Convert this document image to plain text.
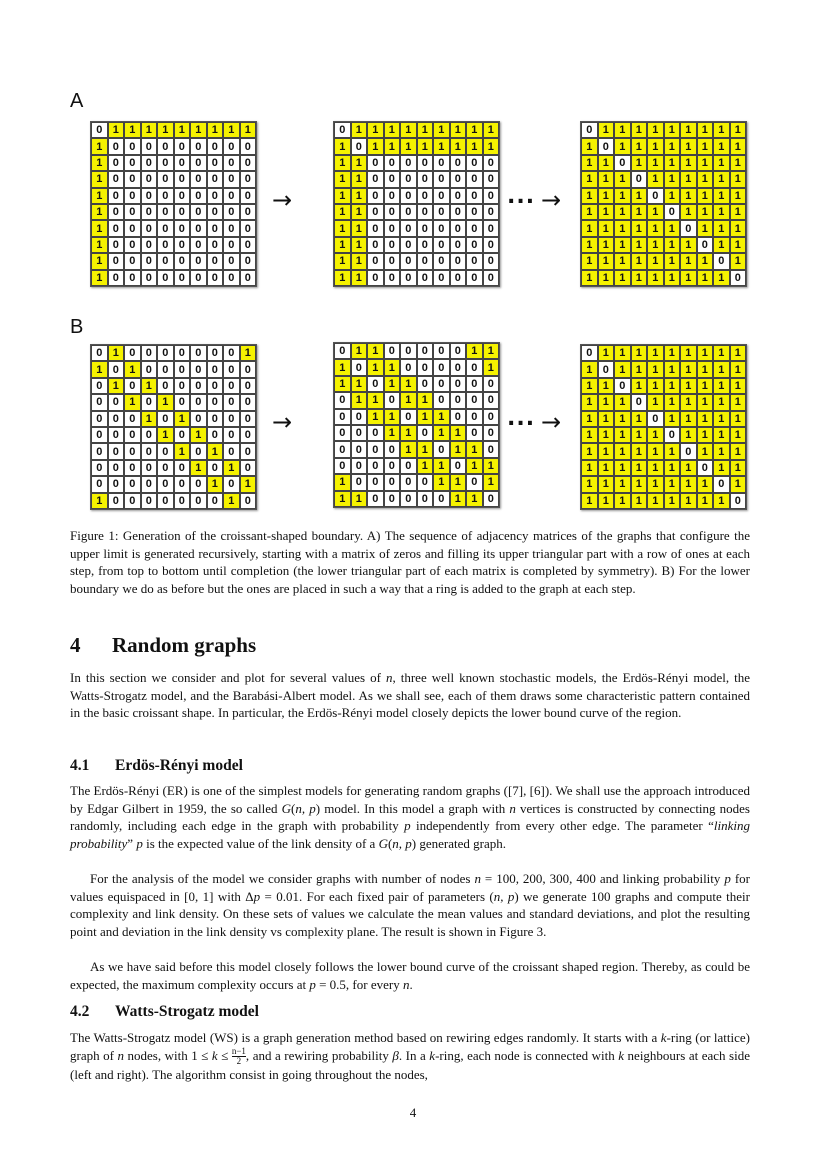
A
B
0 1 1 1 1 1 1 1 1 1
1 0 0 0 0 0 0 0 0 0
1 0 0 0 0 0 0 0 0 0
1 0 0 0 0 0 0 0 0 0
1 0 0 0 0 0 0 0 0 0
1 0 0 0 0 0 0 0 0 0
1 0 0 0 0 0 0 0 0 0
1 0 0 0 0 0 0 0 0 0
1 0 0 0 0 0 0 0 0 0
1 0 0 0 0 0 0 0 0 0
0 1 1 1 1 1 1 1 1 1
1 0 1 1 1 1 1 1 1 1
1 1 0 0 0 0 0 0 0 0
1 1 0 0 0 0 0 0 0 0
1 1 0 0 0 0 0 0 0 0
1 1 0 0 0 0 0 0 0 0
1 1 0 0 0 0 0 0 0 0
1 1 0 0 0 0 0 0 0 0
1 1 0 0 0 0 0 0 0 0
1 1 0 0 0 0 0 0 0 0
0 1 1 1 1 1 1 1 1 1
1 0 1 1 1 1 1 1 1 1
1 1 0 1 1 1 1 1 1 1
1 1 1 0 1 1 1 1 1 1
1 1 1 1 0 1 1 1 1 1
1 1 1 1 1 0 1 1 1 1
1 1 1 1 1 1 0 1 1 1
1 1 1 1 1 1 1 0 1 1
1 1 1 1 1 1 1 1 0 1
1 1 1 1 1 1 1 1 1 0
0 1 0 0 0 0 0 0 0 1
1 0 1 0 0 0 0 0 0 0
0 1 0 1 0 0 0 0 0 0
0 0 1 0 1 0 0 0 0 0
0 0 0 1 0 1 0 0 0 0
0 0 0 0 1 0 1 0 0 0
0 0 0 0 0 1 0 1 0 0
0 0 0 0 0 0 1 0 1 0
0 0 0 0 0 0 0 1 0 1
1 0 0 0 0 0 0 0 1 0
0 1 1 0 0 0 0 0 1 1
1 0 1 1 0 0 0 0 0 1
1 1 0 1 1 0 0 0 0 0
0 1 1 0 1 1 0 0 0 0
0 0 1 1 0 1 1 0 0 0
0 0 0 1 1 0 1 1 0 0
0 0 0 0 1 1 0 1 1 0
0 0 0 0 0 1 1 0 1 1
1 0 0 0 0 0 1 1 0 1
1 1 0 0 0 0 0 1 1 0
0 1 1 1 1 1 1 1 1 1
1 0 1 1 1 1 1 1 1 1
1 1 0 1 1 1 1 1 1 1
1 1 1 0 1 1 1 1 1 1
1 1 1 1 0 1 1 1 1 1
1 1 1 1 1 0 1 1 1 1
1 1 1 1 1 1 0 1 1 1
1 1 1 1 1 1 1 0 1 1
1 1 1 1 1 1 1 1 0 1
1 1 1 1 1 1 1 1 1 0
→	... →
→	... →
Figure 1: Generation of the croissant-shaped boundary. A) The sequence of adjacency matrices of the graphs that configure the upper limit is generated recursively, starting with a matrix of zeros and filling its upper triangular part with a row of ones at each step, from top to bottom until completion (the lower triangular part of each matrix is completed by symmetry). B) For the lower boundary we do as before but the ones are placed in such a way that a ring is added to the graph at each step.
4 Random graphs
In this section we consider and plot for several values of n, three well known stochastic models, the Erdös-Rényi model, the Watts-Strogatz model, and the Barabási-Albert model. As we shall see, each of them draws some characteristic pattern contained in the basic croissant shape. In particular, the Erdös-Rényi model closely depicts the lower bound curve of the region.
4.1 Erdös-Rényi model
The Erdös-Rényi (ER) is one of the simplest models for generating random graphs ([7], [6]). We shall use the approach introduced by Edgar Gilbert in 1959, the so called G(n, p) model. In this model a graph with n vertices is constructed by connecting nodes randomly, including each edge in the graph with probability p independently from every other edge. The parameter “linking probability” p is the expected value of the link density of a G(n, p) generated graph.
For the analysis of the model we consider graphs with number of nodes n = 100, 200, 300, 400 and linking probability p for values equispaced in [0, 1] with Δp = 0.01. For each fixed pair of parameters (n, p) we generate 100 graphs and compute their complexity and link density. On these sets of values we calculate the mean values and standard deviations, and plot the resulting point and deviation in the link density vs complexity plane. The result is shown in Figure 3.
As we have said before this model closely follows the lower bound curve of the croissant shaped region. Thereby, as could be expected, the maximum complexity occurs at p = 0.5, for every n.
4.2 Watts-Strogatz model
The Watts-Strogatz model (WS) is a graph generation method based on rewiring edges randomly. It starts with a k-ring (or lattice) graph of n nodes, with $1 \le k \le \frac{n-1}{2}$ , and a rewiring probability β. In a k-ring, each node is connected with k neighbours at each side (left and right). The algorithm consist in going throughout the nodes,
4
